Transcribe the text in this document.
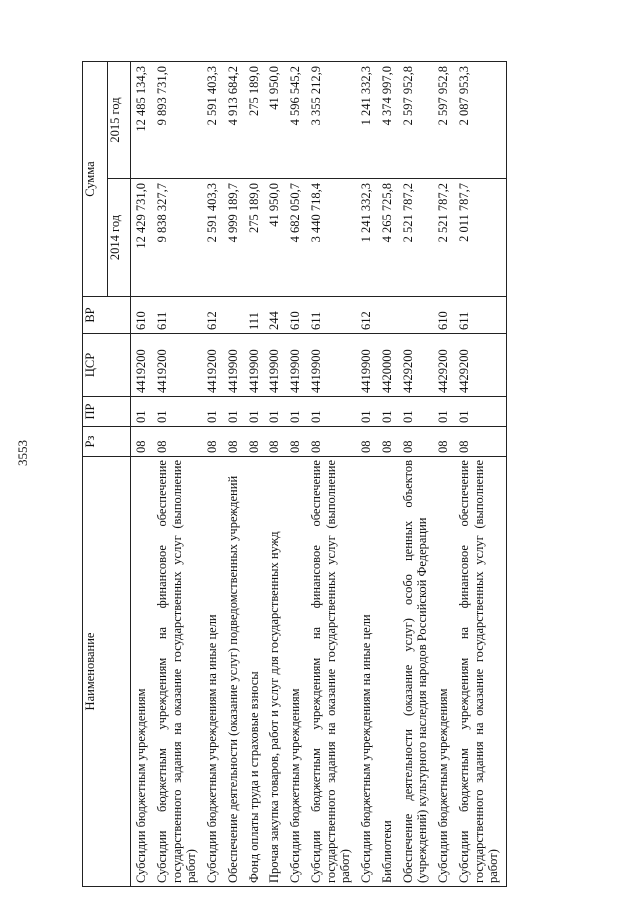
3553
Наименование	Рз	ПР	ЦСР	ВР	Сумма	
					2014 год	2015 год
Субсидии бюджетным учреждениям	08	01	4419200	610	12 429 731,0	12 485 134,3
Субсидии бюджетным учреждениям на финансовое обеспечение государственного задания на оказание государственных услуг (выполнение работ)	08	01	4419200	611	9 838 327,7	9 893 731,0
Субсидии бюджетным учреждениям на иные цели	08	01	4419200	612	2 591 403,3	2 591 403,3
Обеспечение деятельности (оказание услуг) подведомственных учреждений	08	01	4419900		4 999 189,7	4 913 684,2
Фонд оплаты труда и страховые взносы	08	01	4419900	111	275 189,0	275 189,0
Прочая закупка товаров, работ и услуг для государственных нужд	08	01	4419900	244	41 950,0	41 950,0
Субсидии бюджетным учреждениям	08	01	4419900	610	4 682 050,7	4 596 545,2
Субсидии бюджетным учреждениям на финансовое обеспечение государственного задания на оказание государственных услуг (выполнение работ)	08	01	4419900	611	3 440 718,4	3 355 212,9
Субсидии бюджетным учреждениям на иные цели	08	01	4419900	612	1 241 332,3	1 241 332,3
Библиотеки	08	01	4420000		4 265 725,8	4 374 997,0
Обеспечение деятельности (оказание услуг) особо ценных объектов (учреждений) культурного наследия народов Российской Федерации	08	01	4429200		2 521 787,2	2 597 952,8
Субсидии бюджетным учреждениям	08	01	4429200	610	2 521 787,2	2 597 952,8
Субсидии бюджетным учреждениям на финансовое обеспечение государственного задания на оказание государственных услуг (выполнение работ)	08	01	4429200	611	2 011 787,7	2 087 953,3
